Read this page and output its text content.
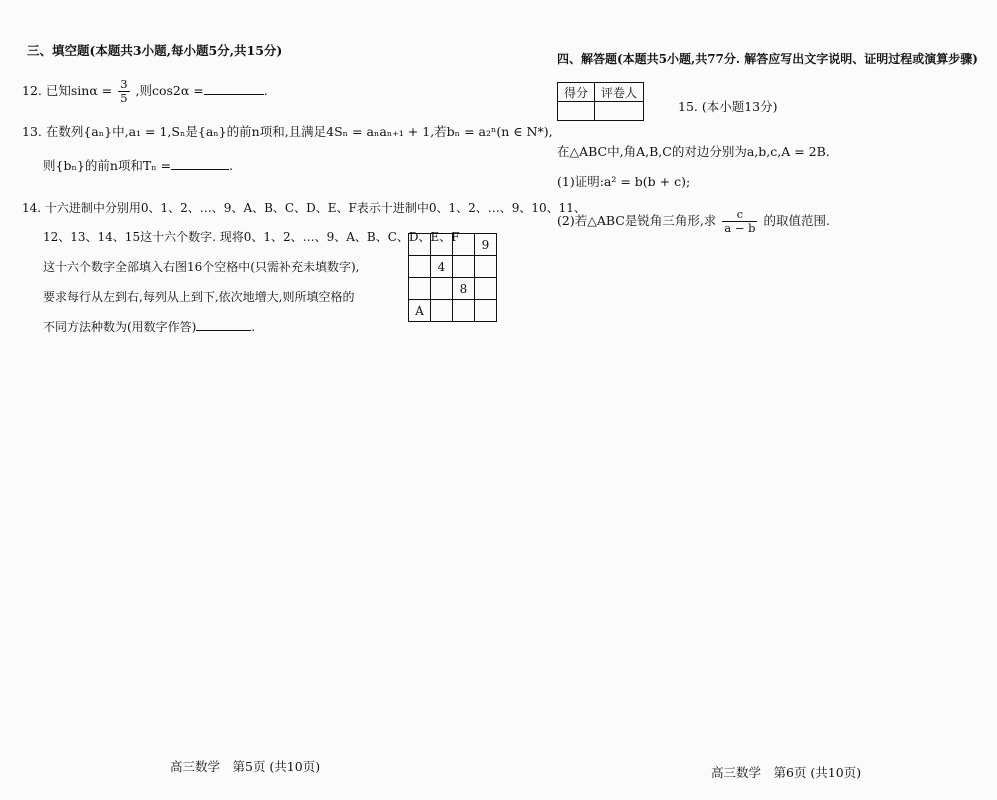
三、填空题(本题共3小题,每小题5分,共15分)
12. 已知$\sin\alpha = \frac{3}{5}$ ,则cos2α =	.
13. 在数列{aₙ}中,a₁ = 1,Sₙ是{aₙ}的前n项和,且满足4Sₙ = aₙaₙ₊₁ + 1,若bₙ = a₂ⁿ(n ∈ N*),
则{bₙ}的前n项和Tₙ =	.
14. 十六进制中分别用0、1、2、…、9、A、B、C、D、E、F表示十进制中0、1、2、…、9、10、11、
12、13、14、15这十六个数字. 现将0、1、2、…、9、A、B、C、D、E、F
这十六个数字全部填入右图16个空格中(只需补充未填数字),
要求每行从左到右,每列从上到下,依次地增大,则所填空格的
不同方法种数为(用数字作答)	.
			9
	4		
		8	
A			
高三数学　第5页 (共10页)
四、解答题(本题共5小题,共77分. 解答应写出文字说明、证明过程或演算步骤)
得分	评卷人

15. (本小题13分)
在△ABC中,角A,B,C的对边分别为a,b,c,A = 2B.
(1)证明:a² = b(b + c);
(2)若△ABC是锐角三角形,求 $\frac{c}{a - b}$ 的取值范围.
高三数学　第6页 (共10页)
